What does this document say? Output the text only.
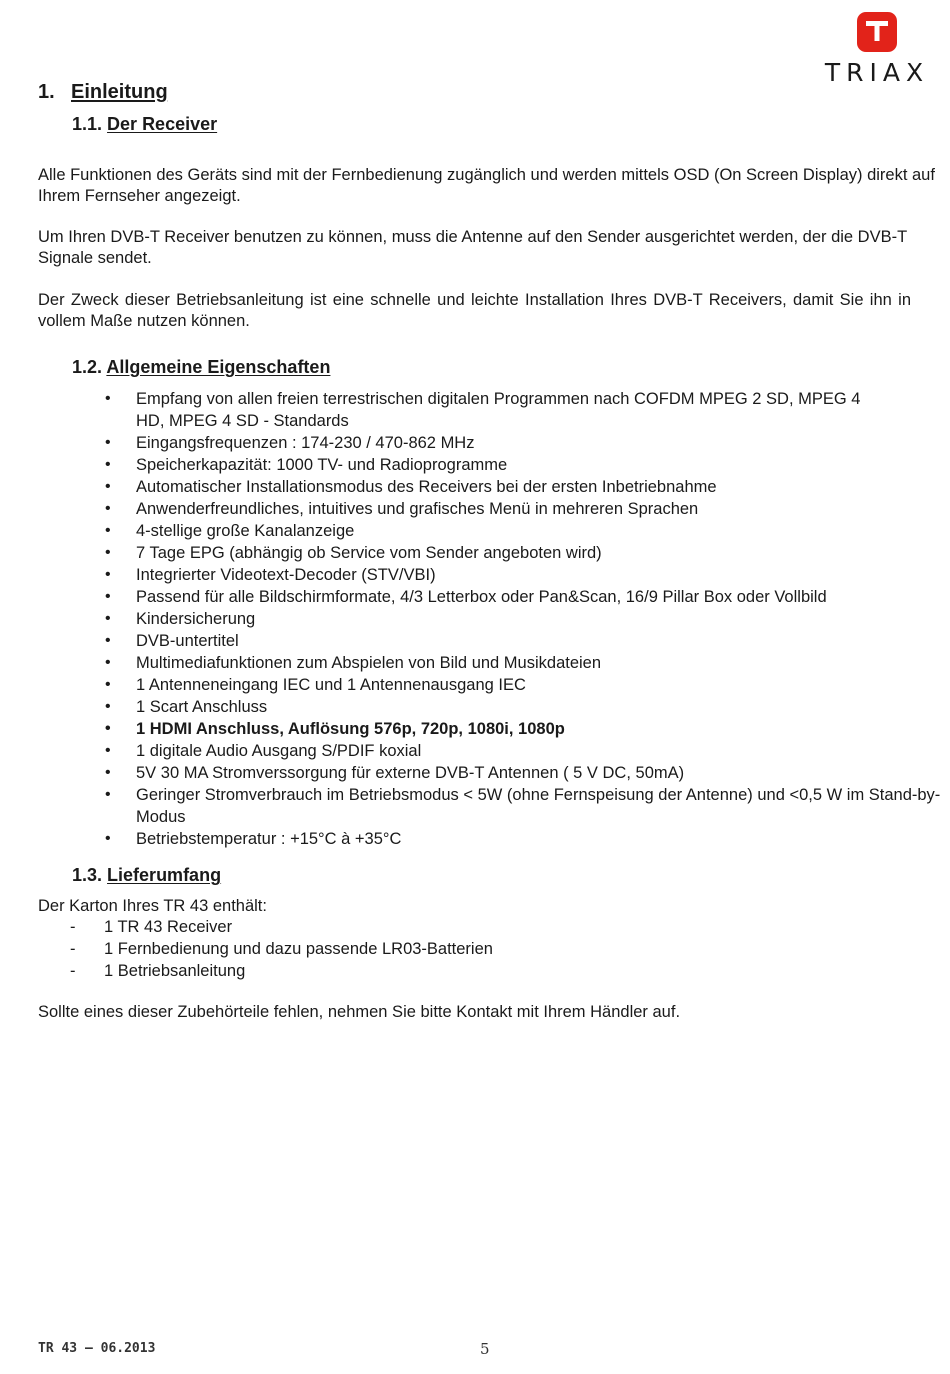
TRIAX
1. Einleitung
1.1. Der Receiver
Alle Funktionen des Geräts sind mit der Fernbedienung zugänglich und werden mittels OSD (On Screen Display) direkt auf Ihrem Fernseher angezeigt.
Um Ihren DVB-T Receiver benutzen zu können, muss die Antenne auf den Sender ausgerichtet werden, der die DVB-T Signale sendet.
Der Zweck dieser Betriebsanleitung ist eine schnelle und leichte Installation Ihres DVB-T Receivers, damit Sie ihn in vollem Maße nutzen können.
1.2. Allgemeine Eigenschaften
• Empfang von allen freien terrestrischen digitalen Programmen nach COFDM MPEG 2 SD, MPEG 4 HD, MPEG 4 SD - Standards
• Eingangsfrequenzen : 174-230 / 470-862 MHz
• Speicherkapazität: 1000 TV- und Radioprogramme
• Automatischer Installationsmodus des Receivers bei der ersten Inbetriebnahme
• Anwenderfreundliches, intuitives und grafisches Menü in mehreren Sprachen
• 4-stellige große Kanalanzeige
• 7 Tage EPG (abhängig ob Service vom Sender angeboten wird)
• Integrierter Videotext-Decoder (STV/VBI)
• Passend für alle Bildschirmformate, 4/3 Letterbox oder Pan&Scan, 16/9 Pillar Box oder Vollbild
• Kindersicherung
• DVB-untertitel
• Multimediafunktionen zum Abspielen von Bild und Musikdateien
• 1 Antenneneingang IEC und 1 Antennenausgang IEC
• 1 Scart Anschluss
• 1 HDMI Anschluss, Auflösung 576p, 720p, 1080i, 1080p
• 1 digitale Audio Ausgang S/PDIF koxial
• 5V 30 MA Stromverssorgung für externe DVB-T Antennen ( 5 V DC, 50mA)
• Geringer Stromverbrauch im Betriebsmodus < 5W (ohne Fernspeisung der Antenne) und <0,5 W im Stand-by-Modus
• Betriebstemperatur : +15°C à +35°C
1.3. Lieferumfang
Der Karton Ihres TR 43 enthält:
- 1 TR 43 Receiver
- 1 Fernbedienung und dazu passende LR03-Batterien
- 1 Betriebsanleitung
Sollte eines dieser Zubehörteile fehlen, nehmen Sie bitte Kontakt mit Ihrem Händler auf.
TR 43 – 06.2013	5
